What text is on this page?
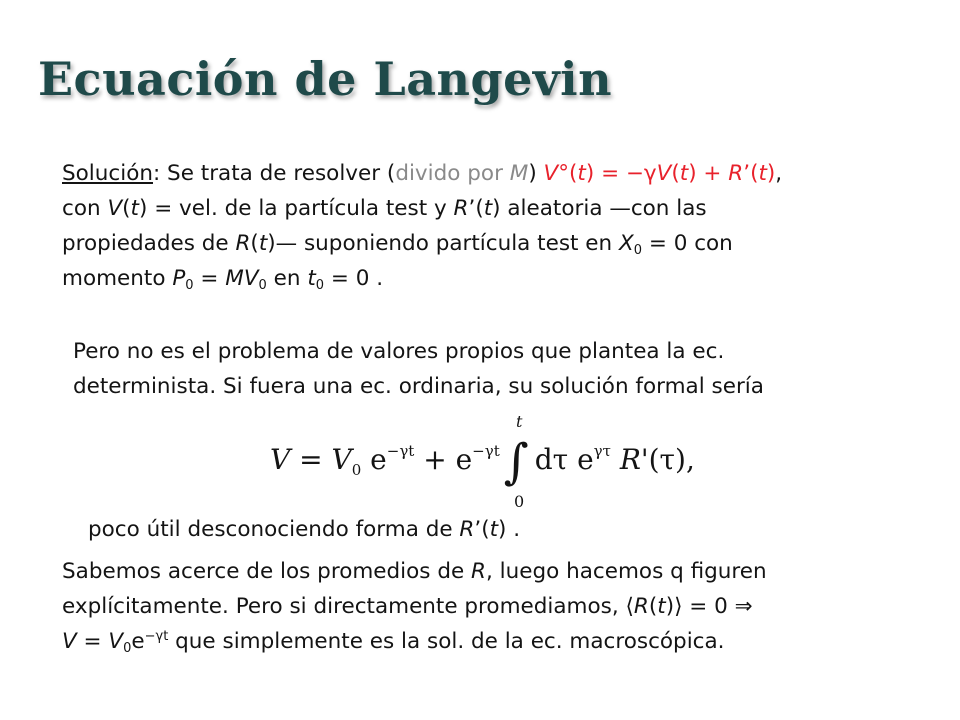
Ecuación de Langevin
Solución: Se trata de resolver (divido por M) V°(t) = −γV(t) + R’(t),
con V(t) = vel. de la partícula test y R’(t) aleatoria —con las
propiedades de R(t)— suponiendo partícula test en $X_0 = 0$ con
momento $P_0 = MV_0$ en $t_0 = 0$ .
Pero no es el problema de valores propios que plantea la ec.
determinista. Si fuera una ec. ordinaria, su solución formal sería
t
$V = V_0$ $e^{-\gamma t} + e^{-\gamma t}\int$ dτ $e^{\gamma\tau}$ R'(τ),
0
poco útil desconociendo forma de R’(t) .
Sabemos acerce de los promedios de R, luego hacemos q figuren
explícitamente. Pero si directamente promediamos, ⟨R(t)⟩ = 0 ⇒
$V = V_0e^{-\gamma t}$ que simplemente es la sol. de la ec. macroscópica.
